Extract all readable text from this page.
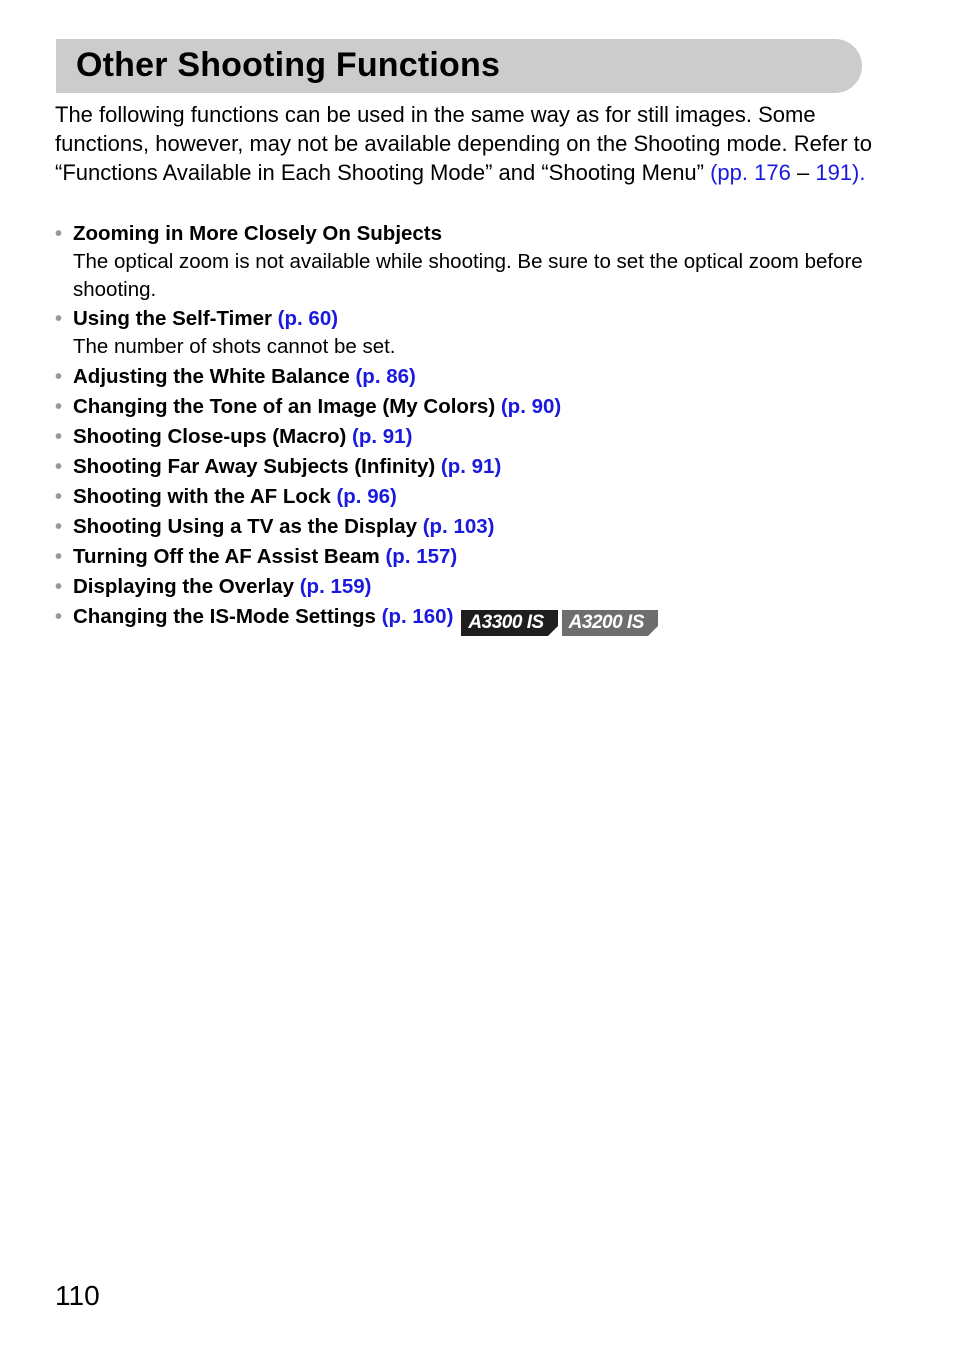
Other Shooting Functions

The following functions can be used in the same way as for still images. Some functions, however, may not be available depending on the Shooting mode. Refer to “Functions Available in Each Shooting Mode” and “Shooting Menu” (pp. 176 – 191).

• Zooming in More Closely On Subjects
The optical zoom is not available while shooting. Be sure to set the optical zoom before shooting.
• Using the Self-Timer (p. 60)
The number of shots cannot be set.
• Adjusting the White Balance (p. 86)
• Changing the Tone of an Image (My Colors) (p. 90)
• Shooting Close-ups (Macro) (p. 91)
• Shooting Far Away Subjects (Infinity) (p. 91)
• Shooting with the AF Lock (p. 96)
• Shooting Using a TV as the Display (p. 103)
• Turning Off the AF Assist Beam (p. 157)
• Displaying the Overlay (p. 159)
• Changing the IS-Mode Settings (p. 160) A3300 IS A3200 IS
110
